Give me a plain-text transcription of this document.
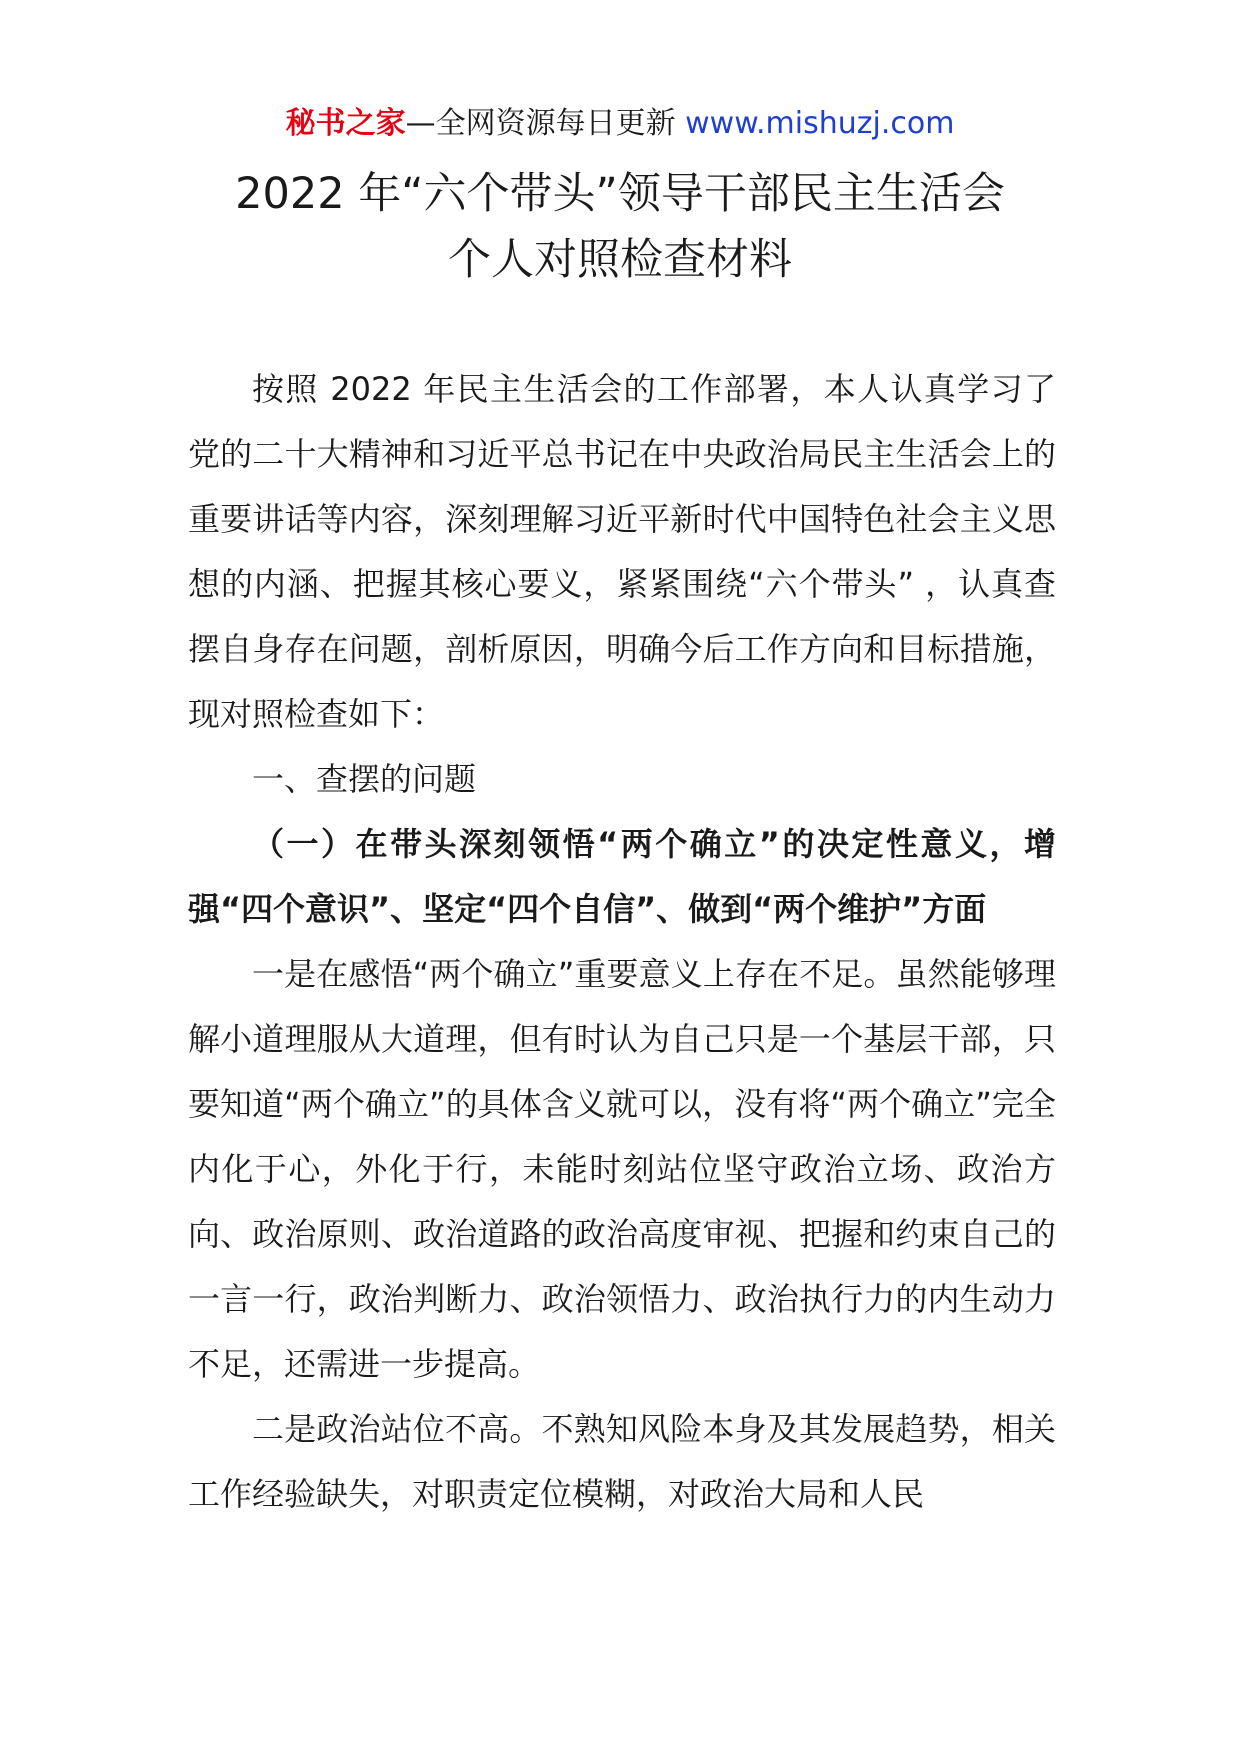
秘书之家—全网资源每日更新 www.mishuzj.com
2022 年“六个带头”领导干部民主生活会
个人对照检查材料

按照 2022 年民主生活会的工作部署，本人认真学习了党的二十大精神和习近平总书记在中央政治局民主生活会上的重要讲话等内容，深刻理解习近平新时代中国特色社会主义思想的内涵、把握其核心要义，紧紧围绕“六个带头” ，认真查摆自身存在问题，剖析原因，明确今后工作方向和目标措施，现对照检查如下：

一、查摆的问题

（一）在带头深刻领悟“两个确立”的决定性意义，增强“四个意识”、坚定“四个自信”、做到“两个维护”方面

一是在感悟“两个确立”重要意义上存在不足。虽然能够理解小道理服从大道理，但有时认为自己只是一个基层干部，只要知道“两个确立”的具体含义就可以，没有将“两个确立”完全内化于心，外化于行，未能时刻站位坚守政治立场、政治方向、政治原则、政治道路的政治高度审视、把握和约束自己的一言一行，政治判断力、政治领悟力、政治执行力的内生动力不足，还需进一步提高。

二是政治站位不高。不熟知风险本身及其发展趋势，相关工作经验缺失，对职责定位模糊，对政治大局和人民
